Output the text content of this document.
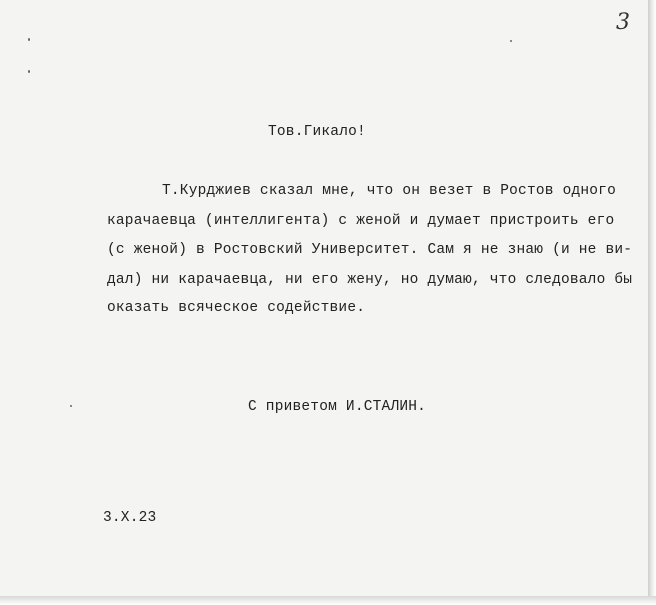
3
Тов.Гикало!
Т.Курджиев сказал мне, что он везет в Ростов одного
карачаевца (интеллигента) с женой и думает пристроить его
(с женой) в Ростовский Университет. Сам я не знаю (и не ви-
дал) ни карачаевца, ни его жену, но думаю, что следовало бы
оказать всяческое содействие.
С приветом И.СТАЛИН.
3.Х.23
